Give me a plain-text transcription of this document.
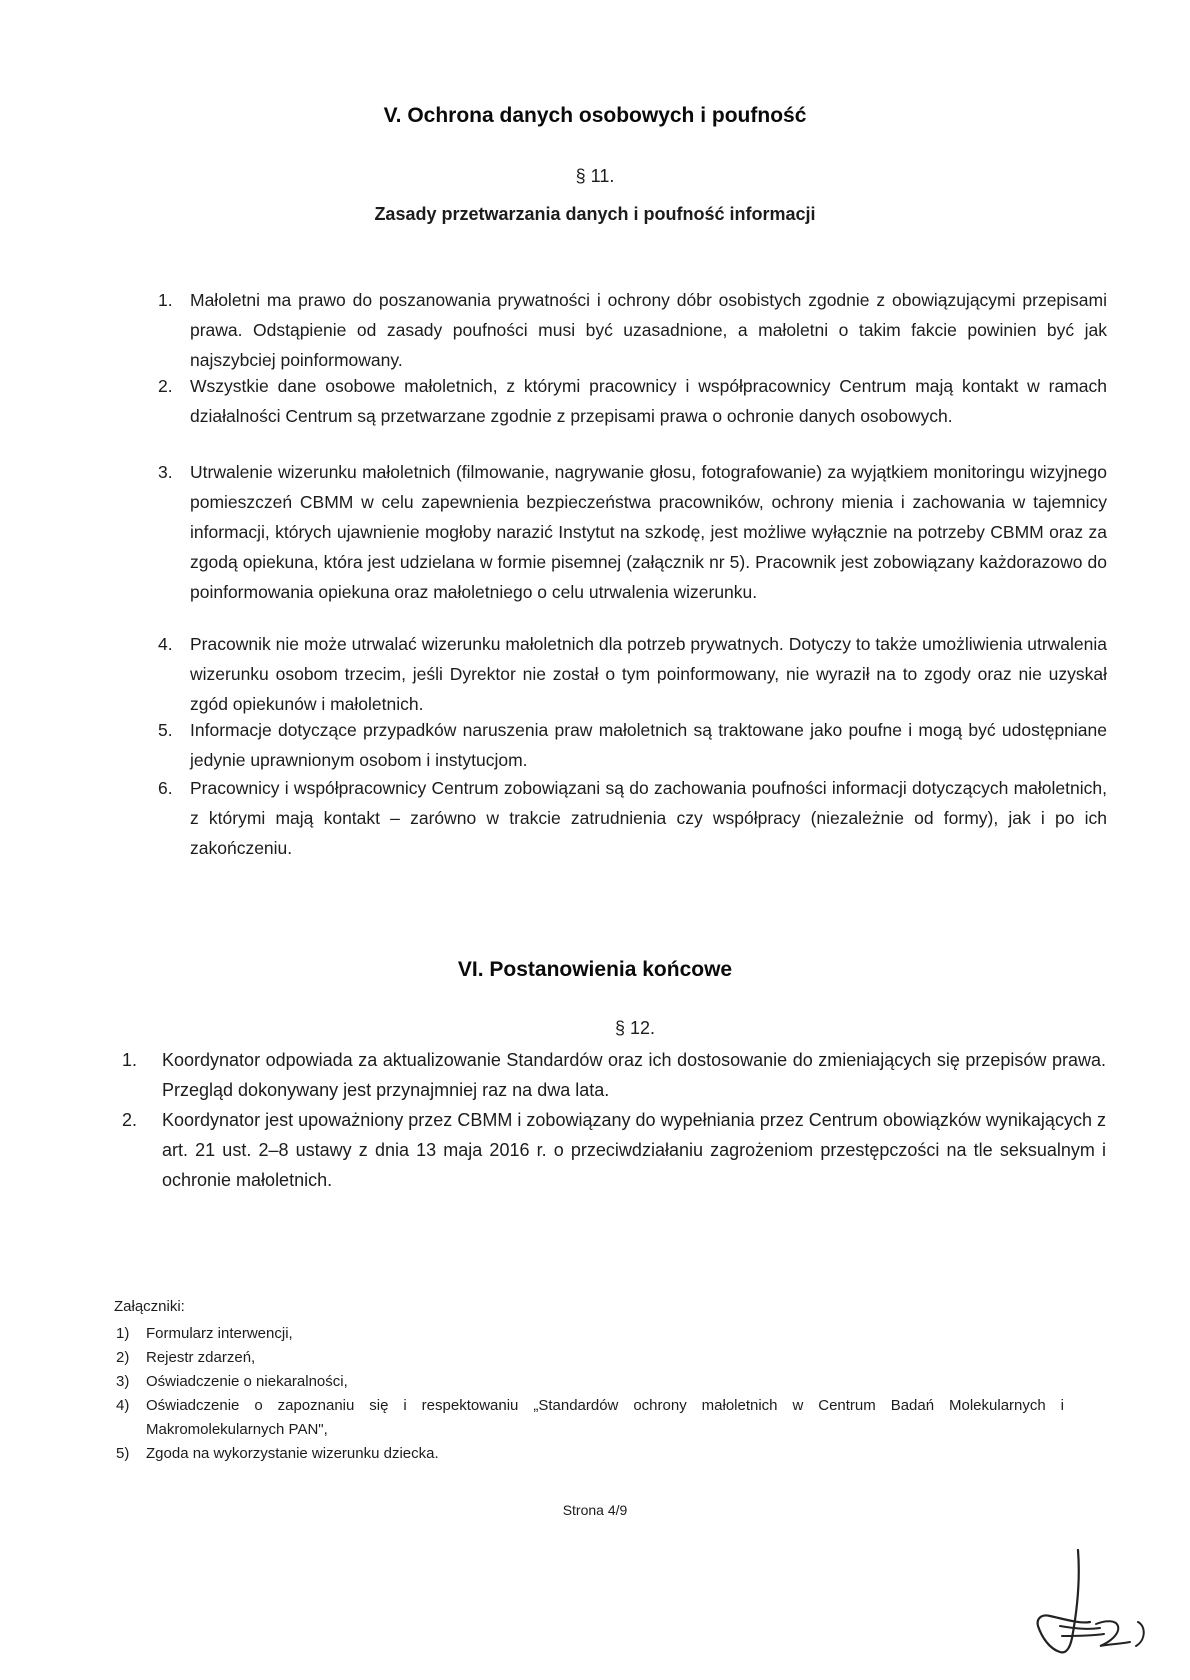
V. Ochrona danych osobowych i poufność
§ 11.
Zasady przetwarzania danych i poufność informacji
1. Małoletni ma prawo do poszanowania prywatności i ochrony dóbr osobistych zgodnie z obowiązującymi przepisami prawa. Odstąpienie od zasady poufności musi być uzasadnione, a małoletni o takim fakcie powinien być jak najszybciej poinformowany.
2. Wszystkie dane osobowe małoletnich, z którymi pracownicy i współpracownicy Centrum mają kontakt w ramach działalności Centrum są przetwarzane zgodnie z przepisami prawa o ochronie danych osobowych.
3. Utrwalenie wizerunku małoletnich (filmowanie, nagrywanie głosu, fotografowanie) za wyjątkiem monitoringu wizyjnego pomieszczeń CBMM w celu zapewnienia bezpieczeństwa pracowników, ochrony mienia i zachowania w tajemnicy informacji, których ujawnienie mogłoby narazić Instytut na szkodę, jest możliwe wyłącznie na potrzeby CBMM oraz za zgodą opiekuna, która jest udzielana w formie pisemnej (załącznik nr 5). Pracownik jest zobowiązany każdorazowo do poinformowania opiekuna oraz małoletniego o celu utrwalenia wizerunku.
4. Pracownik nie może utrwalać wizerunku małoletnich dla potrzeb prywatnych. Dotyczy to także umożliwienia utrwalenia wizerunku osobom trzecim, jeśli Dyrektor nie został o tym poinformowany, nie wyraził na to zgody oraz nie uzyskał zgód opiekunów i małoletnich.
5. Informacje dotyczące przypadków naruszenia praw małoletnich są traktowane jako poufne i mogą być udostępniane jedynie uprawnionym osobom i instytucjom.
6. Pracownicy i współpracownicy Centrum zobowiązani są do zachowania poufności informacji dotyczących małoletnich, z którymi mają kontakt – zarówno w trakcie zatrudnienia czy współpracy (niezależnie od formy), jak i po ich zakończeniu.
VI. Postanowienia końcowe
§ 12.
1. Koordynator odpowiada za aktualizowanie Standardów oraz ich dostosowanie do zmieniających się przepisów prawa. Przegląd dokonywany jest przynajmniej raz na dwa lata.
2. Koordynator jest upoważniony przez CBMM i zobowiązany do wypełniania przez Centrum obowiązków wynikających z art. 21 ust. 2–8 ustawy z dnia 13 maja 2016 r. o przeciwdziałaniu zagrożeniom przestępczości na tle seksualnym i ochronie małoletnich.
Załączniki:
1) Formularz interwencji,
2) Rejestr zdarzeń,
3) Oświadczenie o niekaralności,
4) Oświadczenie o zapoznaniu się i respektowaniu „Standardów ochrony małoletnich w Centrum Badań Molekularnych i Makromolekularnych PAN",
5) Zgoda na wykorzystanie wizerunku dziecka.
Strona 4/9
